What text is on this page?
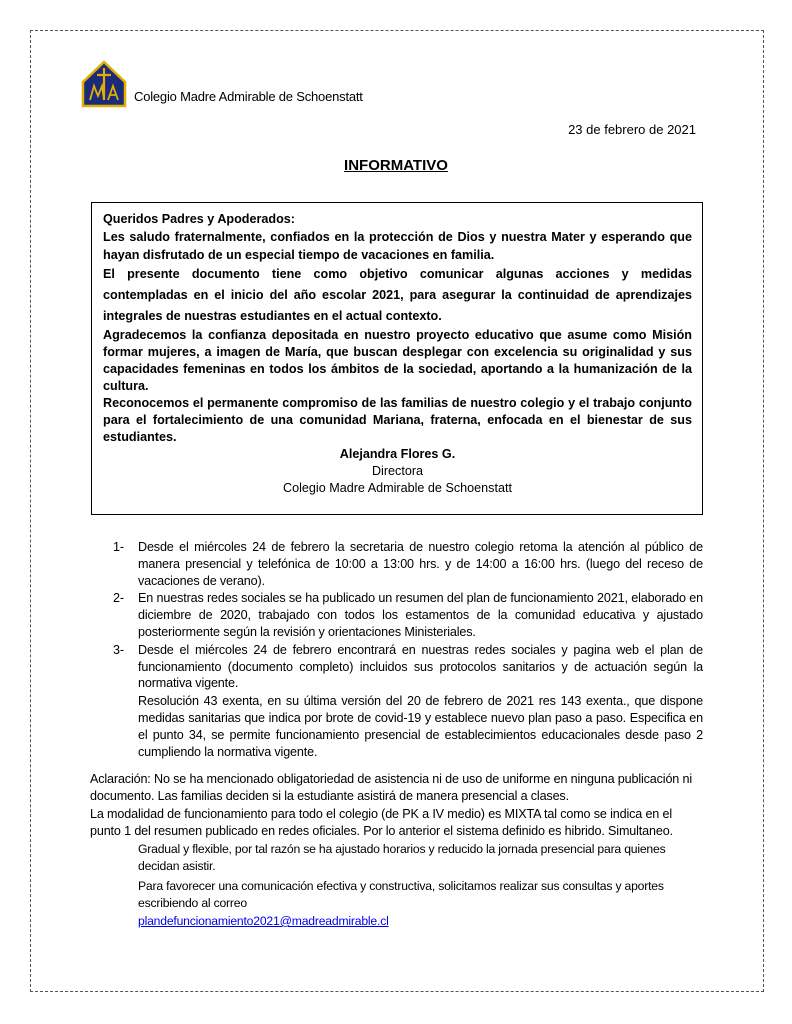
Colegio Madre Admirable de Schoenstatt
23 de febrero de 2021
INFORMATIVO

Queridos Padres y Apoderados:

Les saludo fraternalmente, confiados en la protección de Dios y nuestra Mater y esperando que hayan disfrutado de un especial tiempo de vacaciones en familia.

El presente documento tiene como objetivo comunicar algunas acciones y medidas contempladas en el inicio del año escolar 2021, para asegurar la continuidad de aprendizajes integrales de nuestras estudiantes en el actual contexto.

Agradecemos la confianza depositada en nuestro proyecto educativo que asume como Misión formar mujeres, a imagen de María, que buscan desplegar con excelencia su originalidad y sus capacidades femeninas en todos los ámbitos de la sociedad, aportando a la humanización de la cultura.

Reconocemos el permanente compromiso de las familias de nuestro colegio y el trabajo conjunto para el fortalecimiento de una comunidad Mariana, fraterna, enfocada en el bienestar de sus estudiantes.

Alejandra Flores G.
Directora
Colegio Madre Admirable de Schoenstatt
1- Desde el miércoles 24 de febrero la secretaria de nuestro colegio retoma la atención al público de manera presencial y telefónica de 10:00 a 13:00 hrs. y de 14:00 a 16:00 hrs. (luego del receso de vacaciones de verano).
2- En nuestras redes sociales se ha publicado un resumen del plan de funcionamiento 2021, elaborado en diciembre de 2020, trabajado con todos los estamentos de la comunidad educativa y ajustado posteriormente según la revisión y orientaciones Ministeriales.
3- Desde el miércoles 24 de febrero encontrará en nuestras redes sociales y pagina web el plan de funcionamiento (documento completo) incluidos sus protocolos sanitarios y de actuación según la normativa vigente.
Resolución 43 exenta, en su última versión del 20 de febrero de 2021 res 143 exenta., que dispone medidas sanitarias que indica por brote de covid-19 y establece nuevo plan paso a paso. Especifica en el punto 34, se permite funcionamiento presencial de establecimientos educacionales desde paso 2 cumpliendo la normativa vigente.
Aclaración: No se ha mencionado obligatoriedad de asistencia ni de uso de uniforme en ninguna publicación ni documento. Las familias deciden si la estudiante asistirá de manera presencial a clases.
La modalidad de funcionamiento para todo el colegio (de PK a IV medio) es MIXTA tal como se indica en el punto 1 del resumen publicado en redes oficiales. Por lo anterior el sistema definido es hibrido. Simultaneo.
Gradual y flexible, por tal razón se ha ajustado horarios y reducido la jornada presencial para quienes decidan asistir.
Para favorecer una comunicación efectiva y constructiva, solicitamos realizar sus consultas y aportes escribiendo al correo
plandefuncionamiento2021@madreadmirable.cl
